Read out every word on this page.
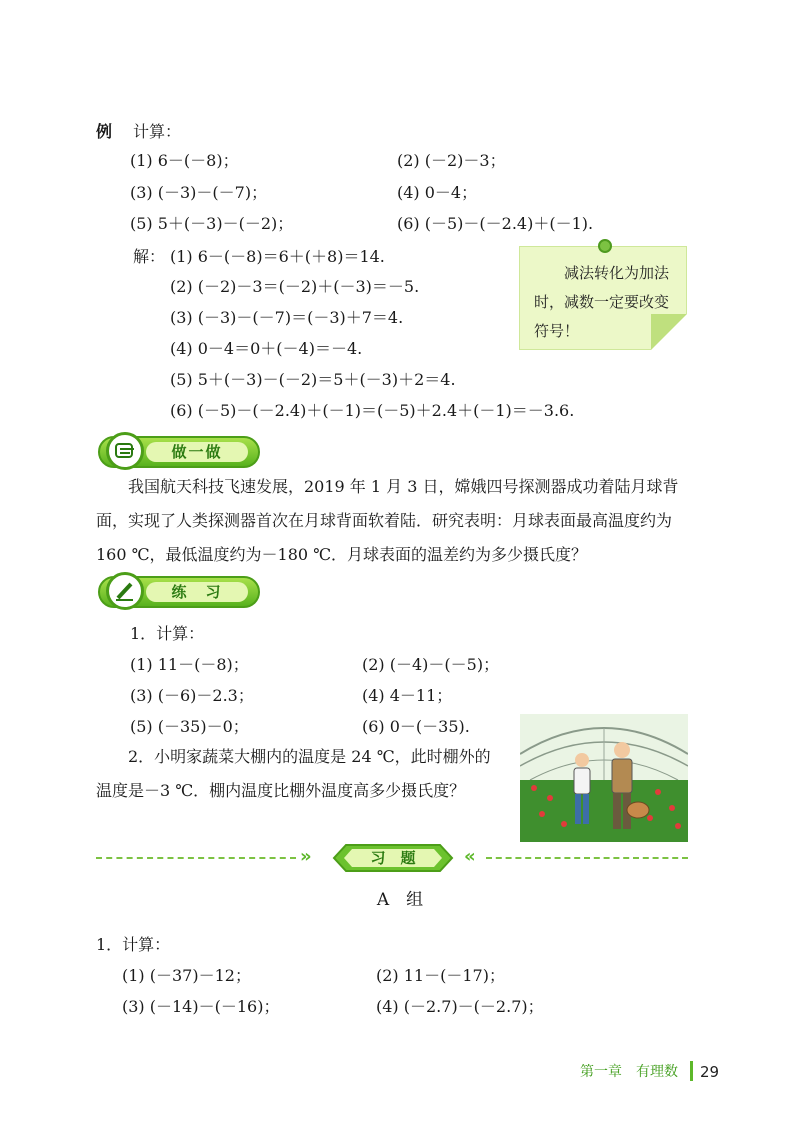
例 计算：
(1) 6－(－8)；	(2) (－2)－3；
(3) (－3)－(－7)；	(4) 0－4；
(5) 5＋(－3)－(－2)；	(6) (－5)－(－2.4)＋(－1).
解： (1) 6－(－8)＝6＋(＋8)＝14.
(2) (－2)－3＝(－2)＋(－3)＝－5.
(3) (－3)－(－7)＝(－3)＋7＝4.
(4) 0－4＝0＋(－4)＝－4.
(5) 5＋(－3)－(－2)＝5＋(－3)＋2＝4.
(6) (－5)－(－2.4)＋(－1)＝(－5)＋2.4＋(－1)＝－3.6.
减法转化为加法时，减数一定要改变符号！
做一做
我国航天科技飞速发展，2019 年 1 月 3 日，嫦娥四号探测器成功着陆月球背面，实现了人类探测器首次在月球背面软着陆．研究表明：月球表面最高温度约为 160 ℃，最低温度约为－180 ℃．月球表面的温差约为多少摄氏度？
练　习
1．计算：
(1) 11－(－8)；	(2) (－4)－(－5)；
(3) (－6)－2.3；	(4) 4－11；
(5) (－35)－0；	(6) 0－(－35).
2．小明家蔬菜大棚内的温度是 24 ℃，此时棚外的温度是－3 ℃．棚内温度比棚外温度高多少摄氏度？
»	习　题	«
A　组
1．计算：
(1) (－37)－12；	(2) 11－(－17)；
(3) (－14)－(－16)；	(4) (－2.7)－(－2.7)；
第一章　有理数 29
